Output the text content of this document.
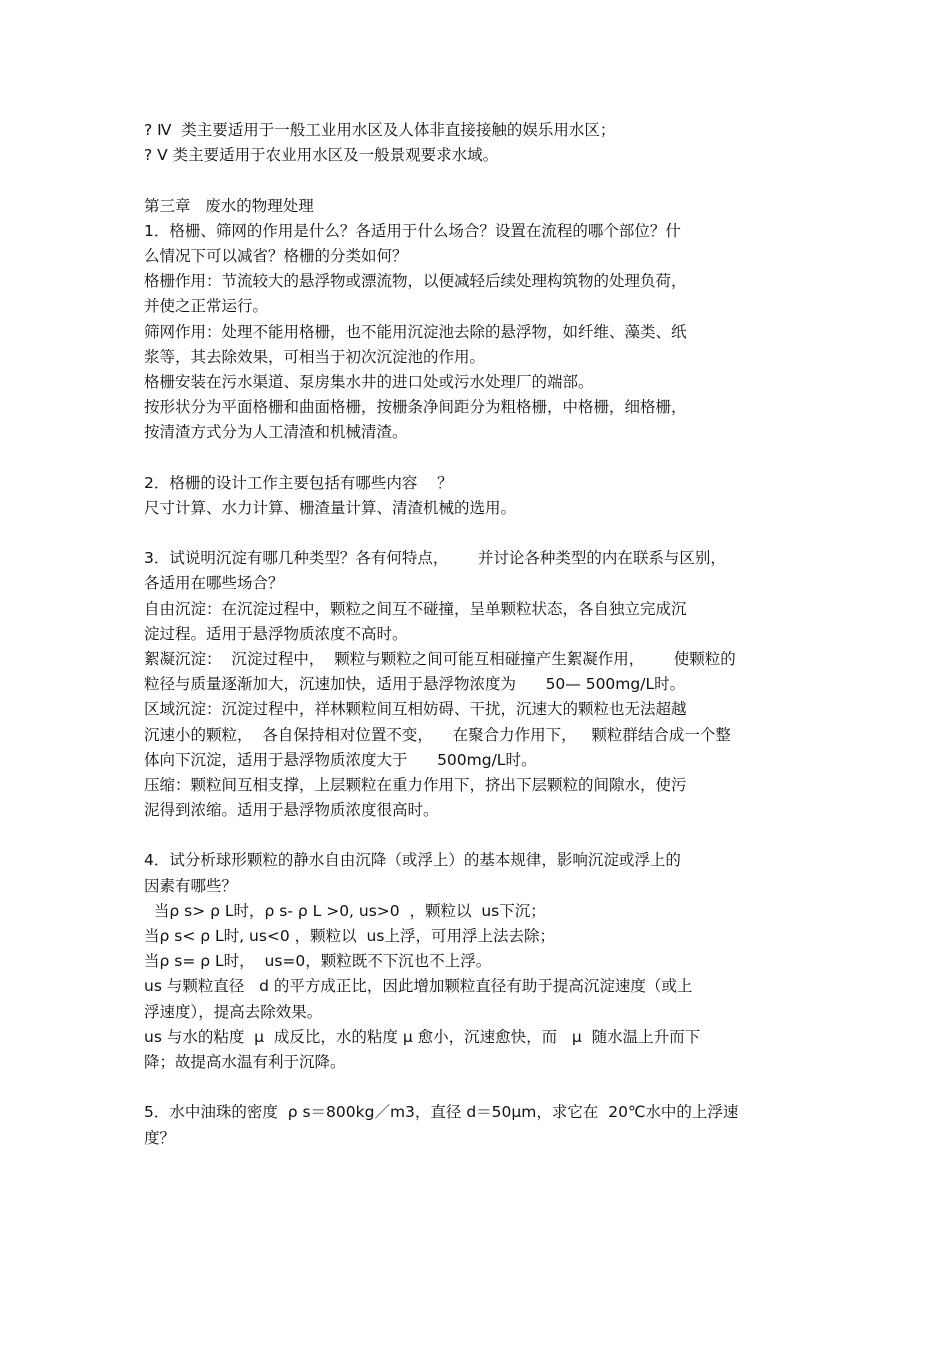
? Ⅳ  类主要适用于一般工业用水区及人体非直接接触的娱乐用水区；
? Ⅴ 类主要适用于农业用水区及一般景观要求水域。
第三章   废水的物理处理
1．格栅、筛网的作用是什么？各适用于什么场合？设置在流程的哪个部位？什
么情况下可以减省？格栅的分类如何？
格栅作用：节流较大的悬浮物或漂流物，以便减轻后续处理构筑物的处理负荷，
并使之正常运行。
筛网作用：处理不能用格栅，也不能用沉淀池去除的悬浮物，如纤维、藻类、纸
浆等，其去除效果，可相当于初次沉淀池的作用。
格栅安装在污水渠道、泵房集水井的进口处或污水处理厂的端部。
按形状分为平面格栅和曲面格栅，按栅条净间距分为粗格栅，中格栅，细格栅，
按清渣方式分为人工清渣和机械清渣。
2．格栅的设计工作主要包括有哪些内容    ？
尺寸计算、水力计算、栅渣量计算、清渣机械的选用。
3．试说明沉淀有哪几种类型？各有何特点，      并讨论各种类型的内在联系与区别，
各适用在哪些场合？
自由沉淀：在沉淀过程中，颗粒之间互不碰撞，呈单颗粒状态，各自独立完成沉
淀过程。适用于悬浮物质浓度不高时。
絮凝沉淀：  沉淀过程中，  颗粒与颗粒之间可能互相碰撞产生絮凝作用，      使颗粒的
粒径与质量逐渐加大，沉速加快，适用于悬浮物浓度为      50— 500mg/L时。
区域沉淀：沉淀过程中，祥林颗粒间互相妨碍、干扰，沉速大的颗粒也无法超越
沉速小的颗粒，  各自保持相对位置不变，    在聚合力作用下，   颗粒群结合成一个整
体向下沉淀，适用于悬浮物质浓度大于      500mg/L时。
压缩：颗粒间互相支撑，上层颗粒在重力作用下，挤出下层颗粒的间隙水，使污
泥得到浓缩。适用于悬浮物质浓度很高时。
4．试分析球形颗粒的静水自由沉降（或浮上）的基本规律，影响沉淀或浮上的
因素有哪些？
当ρ s> ρ L时，ρ s- ρ L >0, us>0  ，颗粒以  us下沉；
当ρ s< ρ L时, us<0 ，颗粒以  us上浮，可用浮上法去除；
当ρ s= ρ L时，  us=0，颗粒既不下沉也不上浮。
us 与颗粒直径   d 的平方成正比，因此增加颗粒直径有助于提高沉淀速度（或上
浮速度），提高去除效果。
us 与水的粘度  μ  成反比，水的粘度 μ 愈小，沉速愈快，而   μ  随水温上升而下
降；故提高水温有利于沉降。
5．水中油珠的密度  ρ s＝800kg／m3，直径 d＝50μm，求它在  20℃水中的上浮速
度？
